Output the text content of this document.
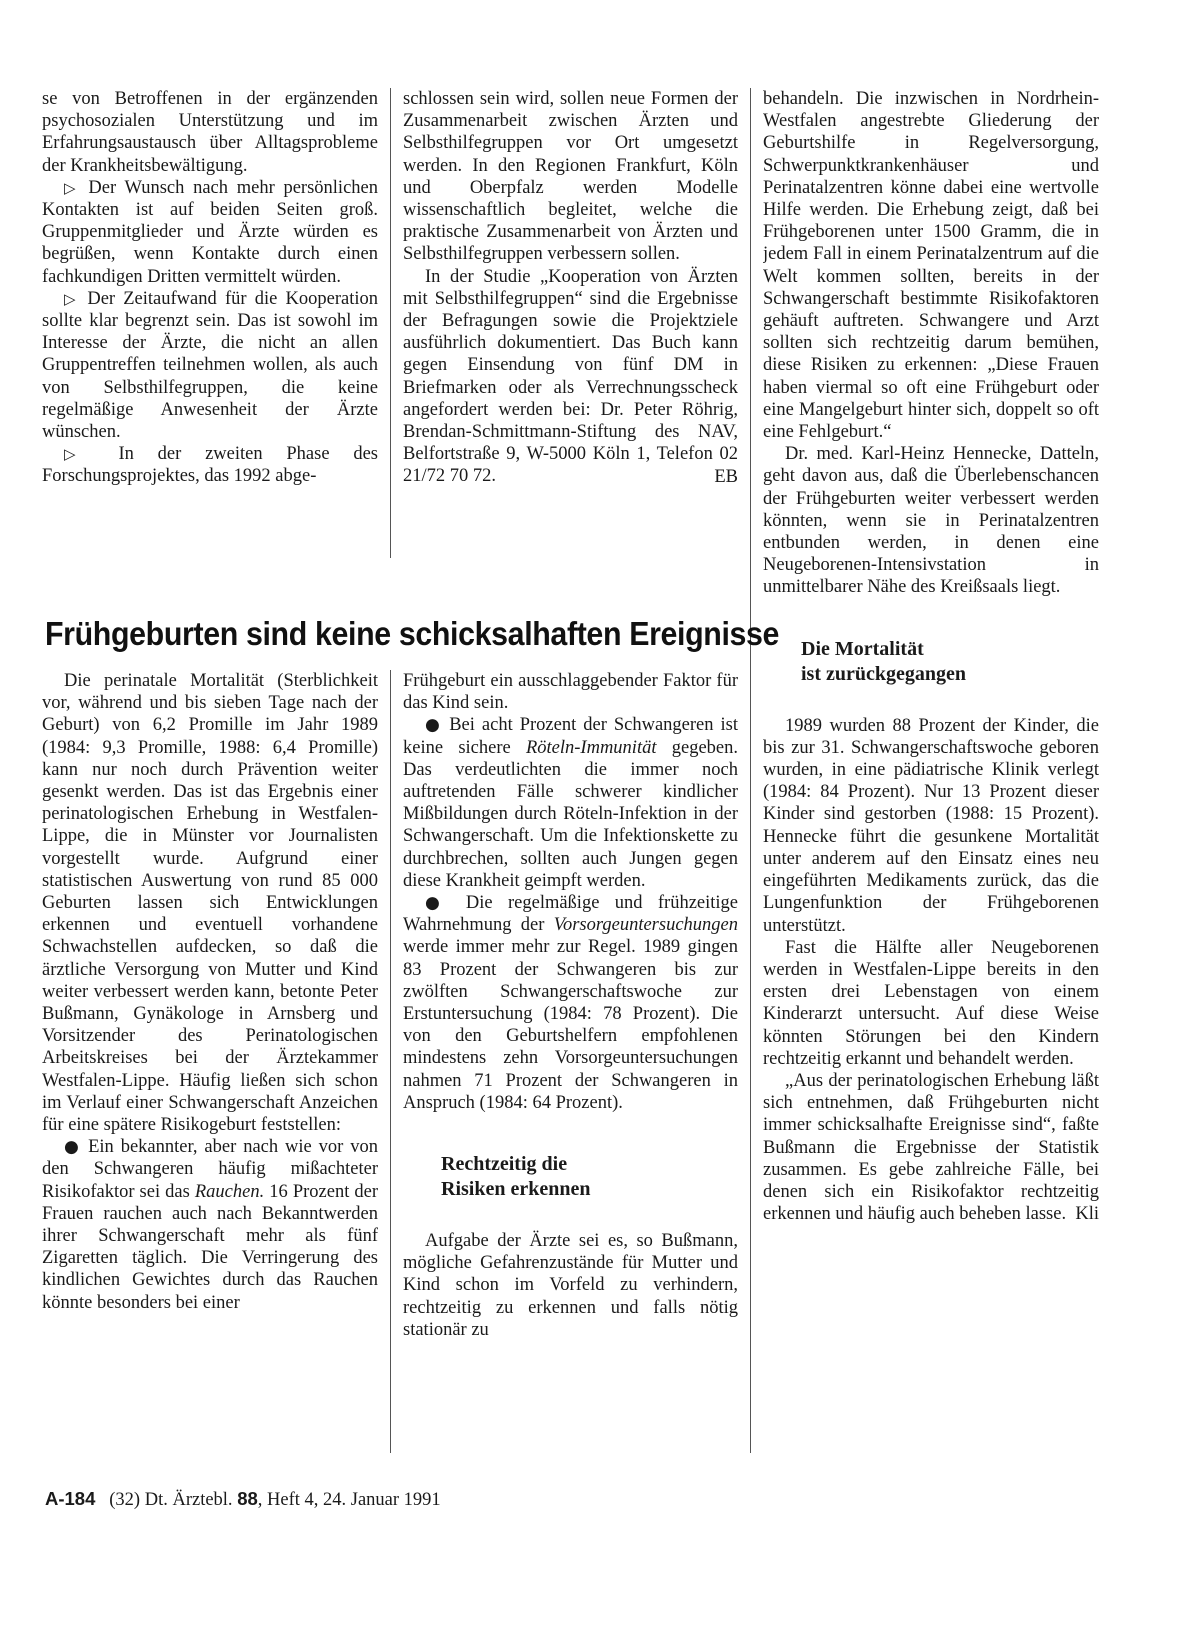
se von Betroffenen in der ergänzenden psychosozialen Unterstützung und im Erfahrungsaustausch über Alltagsprobleme der Krankheitsbewältigung.

▷ Der Wunsch nach mehr persönlichen Kontakten ist auf beiden Seiten groß. Gruppenmitglieder und Ärzte würden es begrüßen, wenn Kontakte durch einen fachkundigen Dritten vermittelt würden.

▷ Der Zeitaufwand für die Kooperation sollte klar begrenzt sein. Das ist sowohl im Interesse der Ärzte, die nicht an allen Gruppentreffen teilnehmen wollen, als auch von Selbsthilfegruppen, die keine regelmäßige Anwesenheit der Ärzte wünschen.

▷ In der zweiten Phase des Forschungsprojektes, das 1992 abge-

schlossen sein wird, sollen neue Formen der Zusammenarbeit zwischen Ärzten und Selbsthilfegruppen vor Ort umgesetzt werden. In den Regionen Frankfurt, Köln und Oberpfalz werden Modelle wissenschaftlich begleitet, welche die praktische Zusammenarbeit von Ärzten und Selbsthilfegruppen verbessern sollen.

In der Studie „Kooperation von Ärzten mit Selbsthilfegruppen“ sind die Ergebnisse der Befragungen sowie die Projektziele ausführlich dokumentiert. Das Buch kann gegen Einsendung von fünf DM in Briefmarken oder als Verrechnungsscheck angefordert werden bei: Dr. Peter Röhrig, Brendan-Schmittmann-Stiftung des NAV, Belfortstraße 9, W-5000 Köln 1, Telefon 02 21/72 70 72.	EB

Frühgeburten sind keine schicksalhaften Ereignisse

behandeln. Die inzwischen in Nordrhein-Westfalen angestrebte Gliederung der Geburtshilfe in Regelversorgung, Schwerpunktkrankenhäuser und Perinatalzentren könne dabei eine wertvolle Hilfe werden. Die Erhebung zeigt, daß bei Frühgeborenen unter 1500 Gramm, die in jedem Fall in einem Perinatalzentrum auf die Welt kommen sollten, bereits in der Schwangerschaft bestimmte Risikofaktoren gehäuft auftreten. Schwangere und Arzt sollten sich rechtzeitig darum bemühen, diese Risiken zu erkennen: „Diese Frauen haben viermal so oft eine Frühgeburt oder eine Mangelgeburt hinter sich, doppelt so oft eine Fehlgeburt.“

Dr. med. Karl-Heinz Hennecke, Datteln, geht davon aus, daß die Überlebenschancen der Frühgeburten weiter verbessert werden könnten, wenn sie in Perinatalzentren entbunden werden, in denen eine Neugeborenen-Intensivstation in unmittelbarer Nähe des Kreißsaals liegt.

Die Mortalität

ist zurückgegangen

1989 wurden 88 Prozent der Kinder, die bis zur 31. Schwangerschaftswoche geboren wurden, in eine pädiatrische Klinik verlegt (1984: 84 Prozent). Nur 13 Prozent dieser Kinder sind gestorben (1988: 15 Prozent). Hennecke führt die gesunkene Mortalität unter anderem auf den Einsatz eines neu eingeführten Medikaments zurück, das die Lungenfunktion der Frühgeborenen unterstützt.

Fast die Hälfte aller Neugeborenen werden in Westfalen-Lippe bereits in den ersten drei Lebenstagen von einem Kinderarzt untersucht. Auf diese Weise könnten Störungen bei den Kindern rechtzeitig erkannt und behandelt werden.

„Aus der perinatologischen Erhebung läßt sich entnehmen, daß Frühgeburten nicht immer schicksalhafte Ereignisse sind“, faßte Bußmann die Ergebnisse der Statistik zusammen. Es gebe zahlreiche Fälle, bei denen sich ein Risikofaktor rechtzeitig erkennen und häufig auch beheben lasse. Kli

Die perinatale Mortalität (Sterblichkeit vor, während und bis sieben Tage nach der Geburt) von 6,2 Promille im Jahr 1989 (1984: 9,3 Promille, 1988: 6,4 Promille) kann nur noch durch Prävention weiter gesenkt werden. Das ist das Ergebnis einer perinatologischen Erhebung in Westfalen-Lippe, die in Münster vor Journalisten vorgestellt wurde. Aufgrund einer statistischen Auswertung von rund 85 000 Geburten lassen sich Entwicklungen erkennen und eventuell vorhandene Schwachstellen aufdecken, so daß die ärztliche Versorgung von Mutter und Kind weiter verbessert werden kann, betonte Peter Bußmann, Gynäkologe in Arnsberg und Vorsitzender des Perinatologischen Arbeitskreises bei der Ärztekammer Westfalen-Lippe. Häufig ließen sich schon im Verlauf einer Schwangerschaft Anzeichen für eine spätere Risikogeburt feststellen:

● Ein bekannter, aber nach wie vor von den Schwangeren häufig mißachteter Risikofaktor sei das Rauchen. 16 Prozent der Frauen rauchen auch nach Bekanntwerden ihrer Schwangerschaft mehr als fünf Zigaretten täglich. Die Verringerung des kindlichen Gewichtes durch das Rauchen könnte besonders bei einer

Frühgeburt ein ausschlaggebender Faktor für das Kind sein.

● Bei acht Prozent der Schwangeren ist keine sichere Röteln-Immunität gegeben. Das verdeutlichten die immer noch auftretenden Fälle schwerer kindlicher Mißbildungen durch Röteln-Infektion in der Schwangerschaft. Um die Infektionskette zu durchbrechen, sollten auch Jungen gegen diese Krankheit geimpft werden.

● Die regelmäßige und frühzeitige Wahrnehmung der Vorsorgeuntersuchungen werde immer mehr zur Regel. 1989 gingen 83 Prozent der Schwangeren bis zur zwölften Schwangerschaftswoche zur Erstuntersuchung (1984: 78 Prozent). Die von den Geburtshelfern empfohlenen mindestens zehn Vorsorgeuntersuchungen nahmen 71 Prozent der Schwangeren in Anspruch (1984: 64 Prozent).

Rechtzeitig die

Risiken erkennen

Aufgabe der Ärzte sei es, so Bußmann, mögliche Gefahrenzustände für Mutter und Kind schon im Vorfeld zu verhindern, rechtzeitig zu erkennen und falls nötig stationär zu

A-184 (32) Dt. Ärztebl. 88, Heft 4, 24. Januar 1991
